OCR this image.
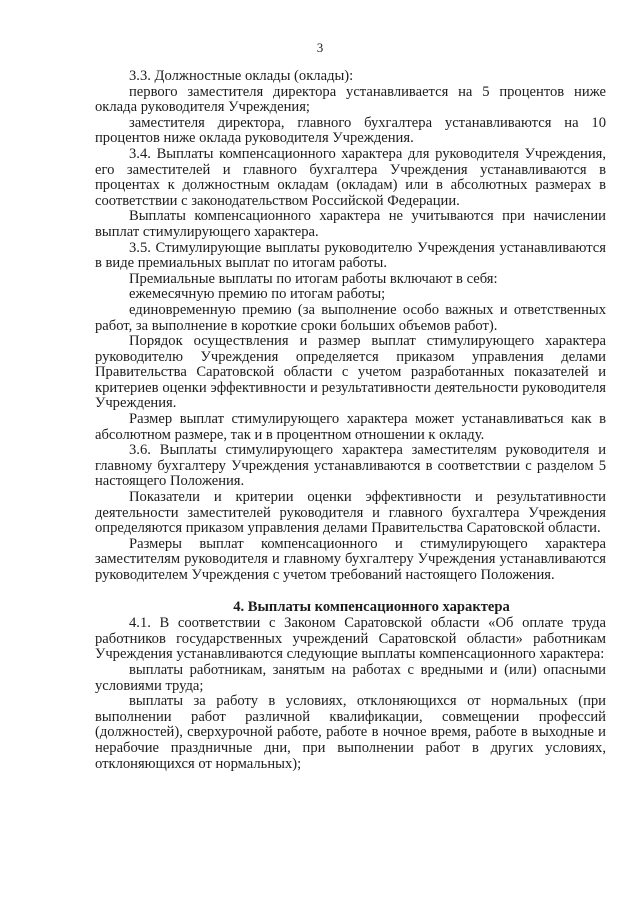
3

3.3. Должностные оклады (оклады):

первого заместителя директора устанавливается на 5 процентов ниже оклада руководителя Учреждения;

заместителя директора, главного бухгалтера устанавливаются на 10 процентов ниже оклада руководителя Учреждения.

3.4. Выплаты компенсационного характера для руководителя Учреждения, его заместителей и главного бухгалтера Учреждения устанавливаются в процентах к должностным окладам (окладам) или в абсолютных размерах в соответствии с законодательством Российской Федерации.

Выплаты компенсационного характера не учитываются при начислении выплат стимулирующего характера.

3.5. Стимулирующие выплаты руководителю Учреждения устанавливаются в виде премиальных выплат по итогам работы.

Премиальные выплаты по итогам работы включают в себя:

ежемесячную премию по итогам работы;

единовременную премию (за выполнение особо важных и ответственных работ, за выполнение в короткие сроки больших объемов работ).

Порядок осуществления и размер выплат стимулирующего характера руководителю Учреждения определяется приказом управления делами Правительства Саратовской области с учетом разработанных показателей и критериев оценки эффективности и результативности деятельности руководителя Учреждения.

Размер выплат стимулирующего характера может устанавливаться как в абсолютном размере, так и в процентном отношении к окладу.

3.6. Выплаты стимулирующего характера заместителям руководителя и главному бухгалтеру Учреждения устанавливаются в соответствии с разделом 5 настоящего Положения.

Показатели и критерии оценки эффективности и результативности деятельности заместителей руководителя и главного бухгалтера Учреждения определяются приказом управления делами Правительства Саратовской области.

Размеры выплат компенсационного и стимулирующего характера заместителям руководителя и главному бухгалтеру Учреждения устанавливаются руководителем Учреждения с учетом требований настоящего Положения.

4. Выплаты компенсационного характера

4.1. В соответствии с Законом Саратовской области «Об оплате труда работников государственных учреждений Саратовской области» работникам Учреждения устанавливаются следующие выплаты компенсационного характера:

выплаты работникам, занятым на работах с вредными и (или) опасными условиями труда;

выплаты за работу в условиях, отклоняющихся от нормальных (при выполнении работ различной квалификации, совмещении профессий (должностей), сверхурочной работе, работе в ночное время, работе в выходные и нерабочие праздничные дни, при выполнении работ в других условиях, отклоняющихся от нормальных);
